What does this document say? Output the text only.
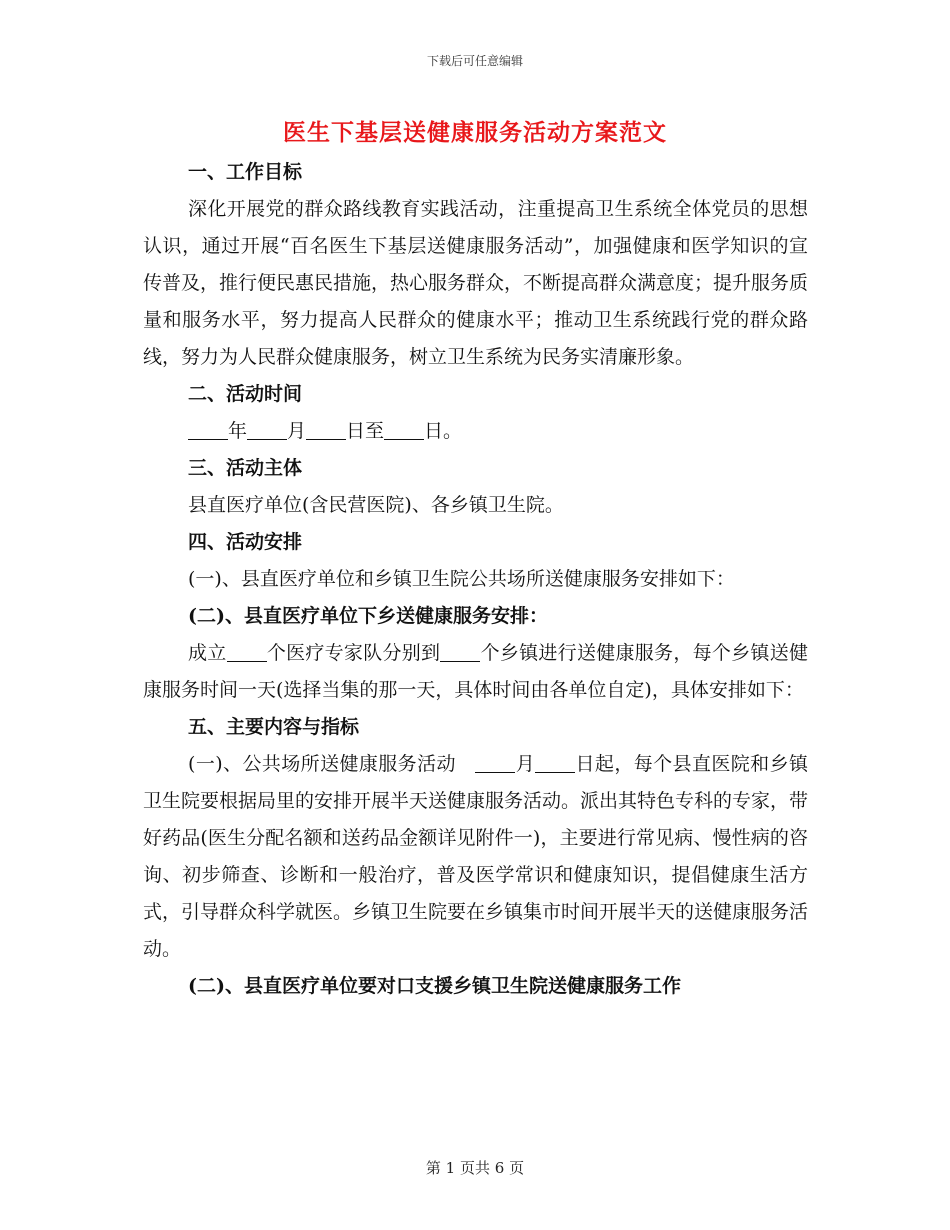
下载后可任意编辑
医生下基层送健康服务活动方案范文
一、工作目标
深化开展党的群众路线教育实践活动，注重提高卫生系统全体党员的思想认识，通过开展“百名医生下基层送健康服务活动”，加强健康和医学知识的宣传普及，推行便民惠民措施，热心服务群众，不断提高群众满意度；提升服务质量和服务水平，努力提高人民群众的健康水平；推动卫生系统践行党的群众路线，努力为人民群众健康服务，树立卫生系统为民务实清廉形象。
二、活动时间
年 月 日至 日。
三、活动主体
县直医疗单位(含民营医院)、各乡镇卫生院。
四、活动安排
(一)、县直医疗单位和乡镇卫生院公共场所送健康服务安排如下：
(二)、县直医疗单位下乡送健康服务安排：
成立 个医疗专家队分别到 个乡镇进行送健康服务，每个乡镇送健康服务时间一天(选择当集的那一天，具体时间由各单位自定)，具体安排如下：
五、主要内容与指标
(一)、公共场所送健康服务活动　月 日起，每个县直医院和乡镇卫生院要根据局里的安排开展半天送健康服务活动。派出其特色专科的专家，带好药品(医生分配名额和送药品金额详见附件一)，主要进行常见病、慢性病的咨询、初步筛查、诊断和一般治疗，普及医学常识和健康知识，提倡健康生活方式，引导群众科学就医。乡镇卫生院要在乡镇集市时间开展半天的送健康服务活动。
(二)、县直医疗单位要对口支援乡镇卫生院送健康服务工作
第 1 页共 6 页
